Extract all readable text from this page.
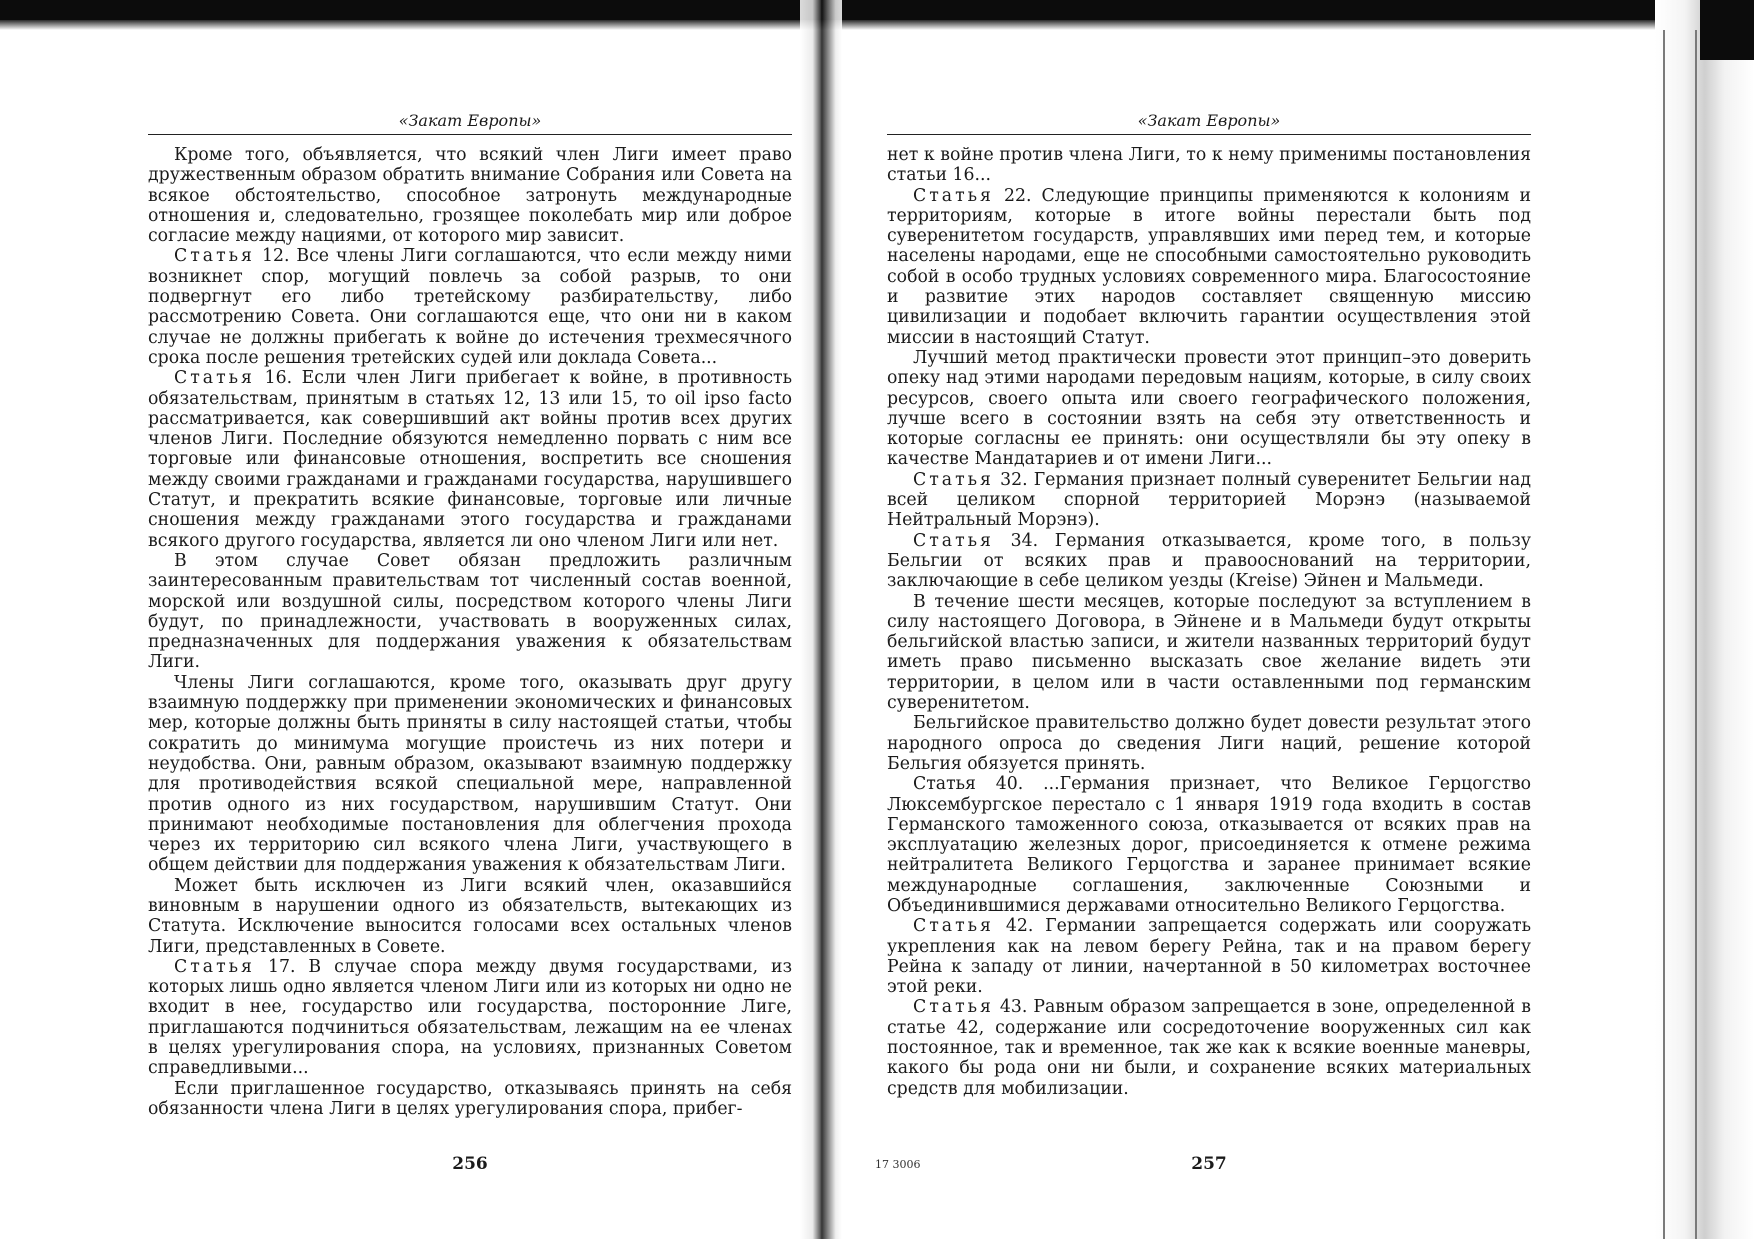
«Закат Европы»

Кроме того, объявляется, что всякий член Лиги имеет право дружественным образом обратить внимание Собрания или Совета на всякое обстоятельство, способное затронуть международные отношения и, следовательно, грозящее поколебать мир или доброе согласие между нациями, от которого мир зависит.

Статья 12. Все члены Лиги соглашаются, что если между ними возникнет спор, могущий повлечь за собой разрыв, то они подвергнут его либо третейскому разбирательству, либо рассмотрению Совета. Они соглашаются еще, что они ни в каком случае не должны прибегать к войне до истечения трехмесячного срока после решения третейских судей или доклада Совета...

Статья 16. Если член Лиги прибегает к войне, в противность обязательствам, принятым в статьях 12, 13 или 15, то oil ipso facto рассматривается, как совершивший акт войны против всех других членов Лиги. Последние обязуются немедленно порвать с ним все торговые или финансовые отношения, воспретить все сношения между своими гражданами и гражданами государства, нарушившего Статут, и прекратить всякие финансовые, торговые или личные сношения между гражданами этого государства и гражданами всякого другого государства, является ли оно членом Лиги или нет.

В этом случае Совет обязан предложить различным заинтересованным правительствам тот численный состав военной, морской или воздушной силы, посредством которого члены Лиги будут, по принадлежности, участвовать в вооруженных силах, предназначенных для поддержания уважения к обязательствам Лиги.

Члены Лиги соглашаются, кроме того, оказывать друг другу взаимную поддержку при применении экономических и финансовых мер, которые должны быть приняты в силу настоящей статьи, чтобы сократить до минимума могущие проистечь из них потери и неудобства. Они, равным образом, оказывают взаимную поддержку для противодействия всякой специальной мере, направленной против одного из них государством, нарушившим Статут. Они принимают необходимые постановления для облегчения прохода через их территорию сил всякого члена Лиги, участвующего в общем действии для поддержания уважения к обязательствам Лиги.

Может быть исключен из Лиги всякий член, оказавшийся виновным в нарушении одного из обязательств, вытекающих из Статута. Исключение выносится голосами всех остальных членов Лиги, представленных в Совете.

Статья 17. В случае спора между двумя государствами, из которых лишь одно является членом Лиги или из которых ни одно не входит в нее, государство или государства, посторонние Лиге, приглашаются подчиниться обязательствам, лежащим на ее членах в целях урегулирования спора, на условиях, признанных Советом справедливыми...

Если приглашенное государство, отказываясь принять на себя обязанности члена Лиги в целях урегулирования спора, прибег-

256
«Закат Европы»

нет к войне против члена Лиги, то к нему применимы постановления статьи 16...

Статья 22. Следующие принципы применяются к колониям и территориям, которые в итоге войны перестали быть под суверенитетом государств, управлявших ими перед тем, и которые населены народами, еще не способными самостоятельно руководить собой в особо трудных условиях современного мира. Благосостояние и развитие этих народов составляет священную миссию цивилизации и подобает включить гарантии осуществления этой миссии в настоящий Статут.

Лучший метод практически провести этот принцип–это доверить опеку над этими народами передовым нациям, которые, в силу своих ресурсов, своего опыта или своего географического положения, лучше всего в состоянии взять на себя эту ответственность и которые согласны ее принять: они осуществляли бы эту опеку в качестве Мандатариев и от имени Лиги...

Статья 32. Германия признает полный суверенитет Бельгии над всей целиком спорной территорией Морэнэ (называемой Нейтральный Морэнэ).

Статья 34. Германия отказывается, кроме того, в пользу Бельгии от всяких прав и правооснований на территории, заключающие в себе целиком уезды (Kreise) Эйнен и Мальмеди.

В течение шести месяцев, которые последуют за вступлением в силу настоящего Договора, в Эйнене и в Мальмеди будут открыты бельгийской властью записи, и жители названных территорий будут иметь право письменно высказать свое желание видеть эти территории, в целом или в части оставленными под германским суверенитетом.

Бельгийское правительство должно будет довести результат этого народного опроса до сведения Лиги наций, решение которой Бельгия обязуется принять.

Статья 40. ...Германия признает, что Великое Герцогство Люксембургское перестало с 1 января 1919 года входить в состав Германского таможенного союза, отказывается от всяких прав на эксплуатацию железных дорог, присоединяется к отмене режима нейтралитета Великого Герцогства и заранее принимает всякие международные соглашения, заключенные Союзными и Объединившимися державами относительно Великого Герцогства.

Статья 42. Германии запрещается содержать или сооружать укрепления как на левом берегу Рейна, так и на правом берегу Рейна к западу от линии, начертанной в 50 километрах восточнее этой реки.

Статья 43. Равным образом запрещается в зоне, определенной в статье 42, содержание или сосредоточение вооруженных сил как постоянное, так и временное, так же как к всякие военные маневры, какого бы рода они ни были, и сохранение всяких материальных средств для мобилизации.

17 3006	257
